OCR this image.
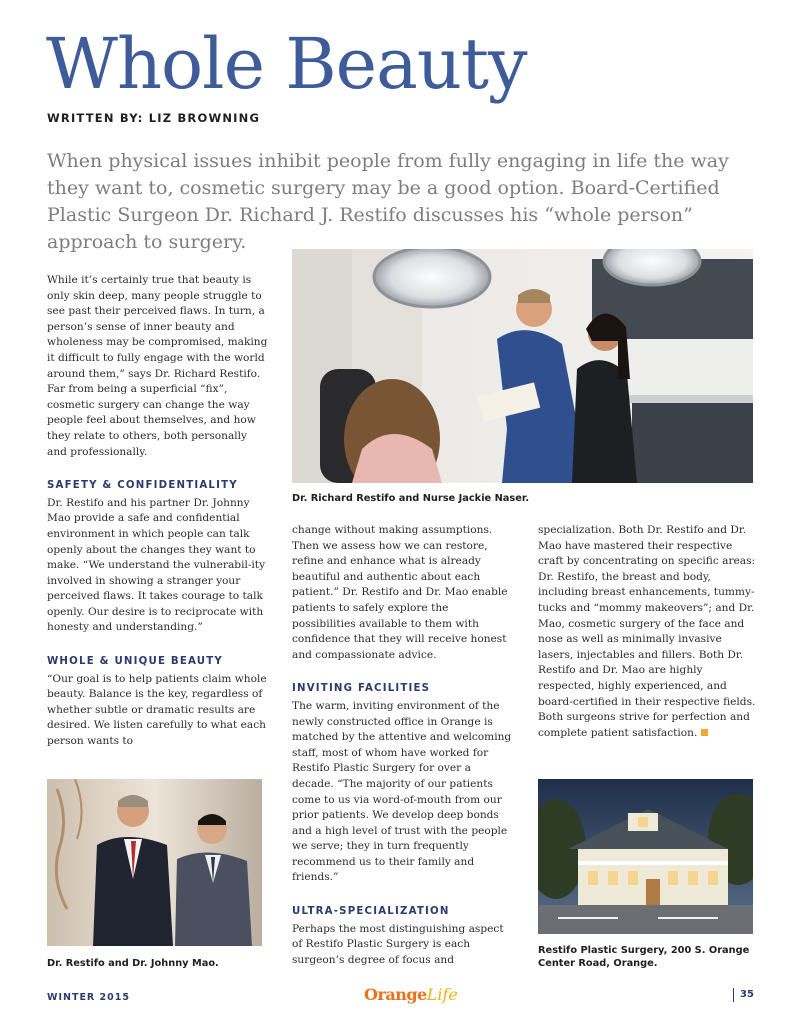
Whole Beauty
WRITTEN BY: LIZ BROWNING

When physical issues inhibit people from fully engaging in life the way they want to, cosmetic surgery may be a good option. Board-Certified Plastic Surgeon Dr. Richard J. Restifo discusses his “whole person” approach to surgery.

Dr. Richard Restifo and Nurse Jackie Naser.

While it’s certainly true that beauty is only skin deep, many people struggle to see past their perceived flaws. In turn, a person’s sense of inner beauty and wholeness may be compromised, making it difficult to fully engage with the world around them,” says Dr. Richard Restifo. Far from being a superficial “fix”, cosmetic surgery can change the way people feel about themselves, and how they relate to others, both personally and professionally.

SAFETY & CONFIDENTIALITY

Dr. Restifo and his partner Dr. Johnny Mao provide a safe and confidential environment in which people can talk openly about the changes they want to make. “We understand the vulnerabil-ity involved in showing a stranger your perceived flaws. It takes courage to talk openly. Our desire is to reciprocate with honesty and understanding.”

WHOLE & UNIQUE BEAUTY

“Our goal is to help patients claim whole beauty. Balance is the key, regardless of whether subtle or dramatic results are desired. We listen carefully to what each person wants to

Dr. Restifo and Dr. Johnny Mao.

change without making assumptions. Then we assess how we can restore, refine and enhance what is already beautiful and authentic about each patient.” Dr. Restifo and Dr. Mao enable patients to safely explore the possibilities available to them with confidence that they will receive honest and compassionate advice.

INVITING FACILITIES

The warm, inviting environment of the newly constructed office in Orange is matched by the attentive and welcoming staff, most of whom have worked for Restifo Plastic Surgery for over a decade. “The majority of our patients come to us via word-of-mouth from our prior patients. We develop deep bonds and a high level of trust with the people we serve; they in turn frequently recommend us to their family and friends.”

ULTRA-SPECIALIZATION

Perhaps the most distinguishing aspect of Restifo Plastic Surgery is each surgeon’s degree of focus and

specialization. Both Dr. Restifo and Dr. Mao have mastered their respective craft by concentrating on specific areas: Dr. Restifo, the breast and body, including breast enhancements, tummy-tucks and “mommy makeovers”; and Dr. Mao, cosmetic surgery of the face and nose as well as minimally invasive lasers, injectables and fillers. Both Dr. Restifo and Dr. Mao are highly respected, highly experienced, and board-certified in their respective fields. Both surgeons strive for perfection and complete patient satisfaction.

Restifo Plastic Surgery, 200 S. Orange Center Road, Orange.
WINTER 2015	OrangeLife	35
